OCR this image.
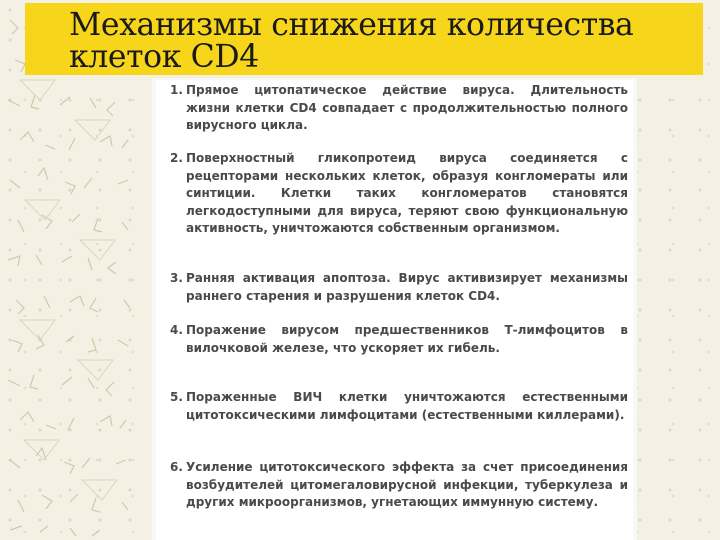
Механизмы снижения количества клеток CD4
1. Прямое цитопатическое действие вируса. Длительность жизни клетки CD4 совпадает с продолжительностью полного вирусного цикла.
2. Поверхностный гликопротеид вируса соединяется с рецепторами нескольких клеток, образуя конгломераты или синтиции. Клетки таких конгломератов становятся легкодоступными для вируса, теряют свою функциональную активность, уничтожаются собственным организмом.
3. Ранняя активация апоптоза. Вирус активизирует механизмы раннего старения и разрушения клеток CD4.
4. Поражение вирусом предшественников Т-лимфоцитов в вилочковой железе, что ускоряет их гибель.
5. Пораженные ВИЧ клетки уничтожаются естественными цитотоксическими лимфоцитами (естественными киллерами).
6. Усиление цитотоксического эффекта за счет присоединения возбудителей цитомегаловирусной инфекции, туберкулеза и других микроорганизмов, угнетающих иммунную систему.
